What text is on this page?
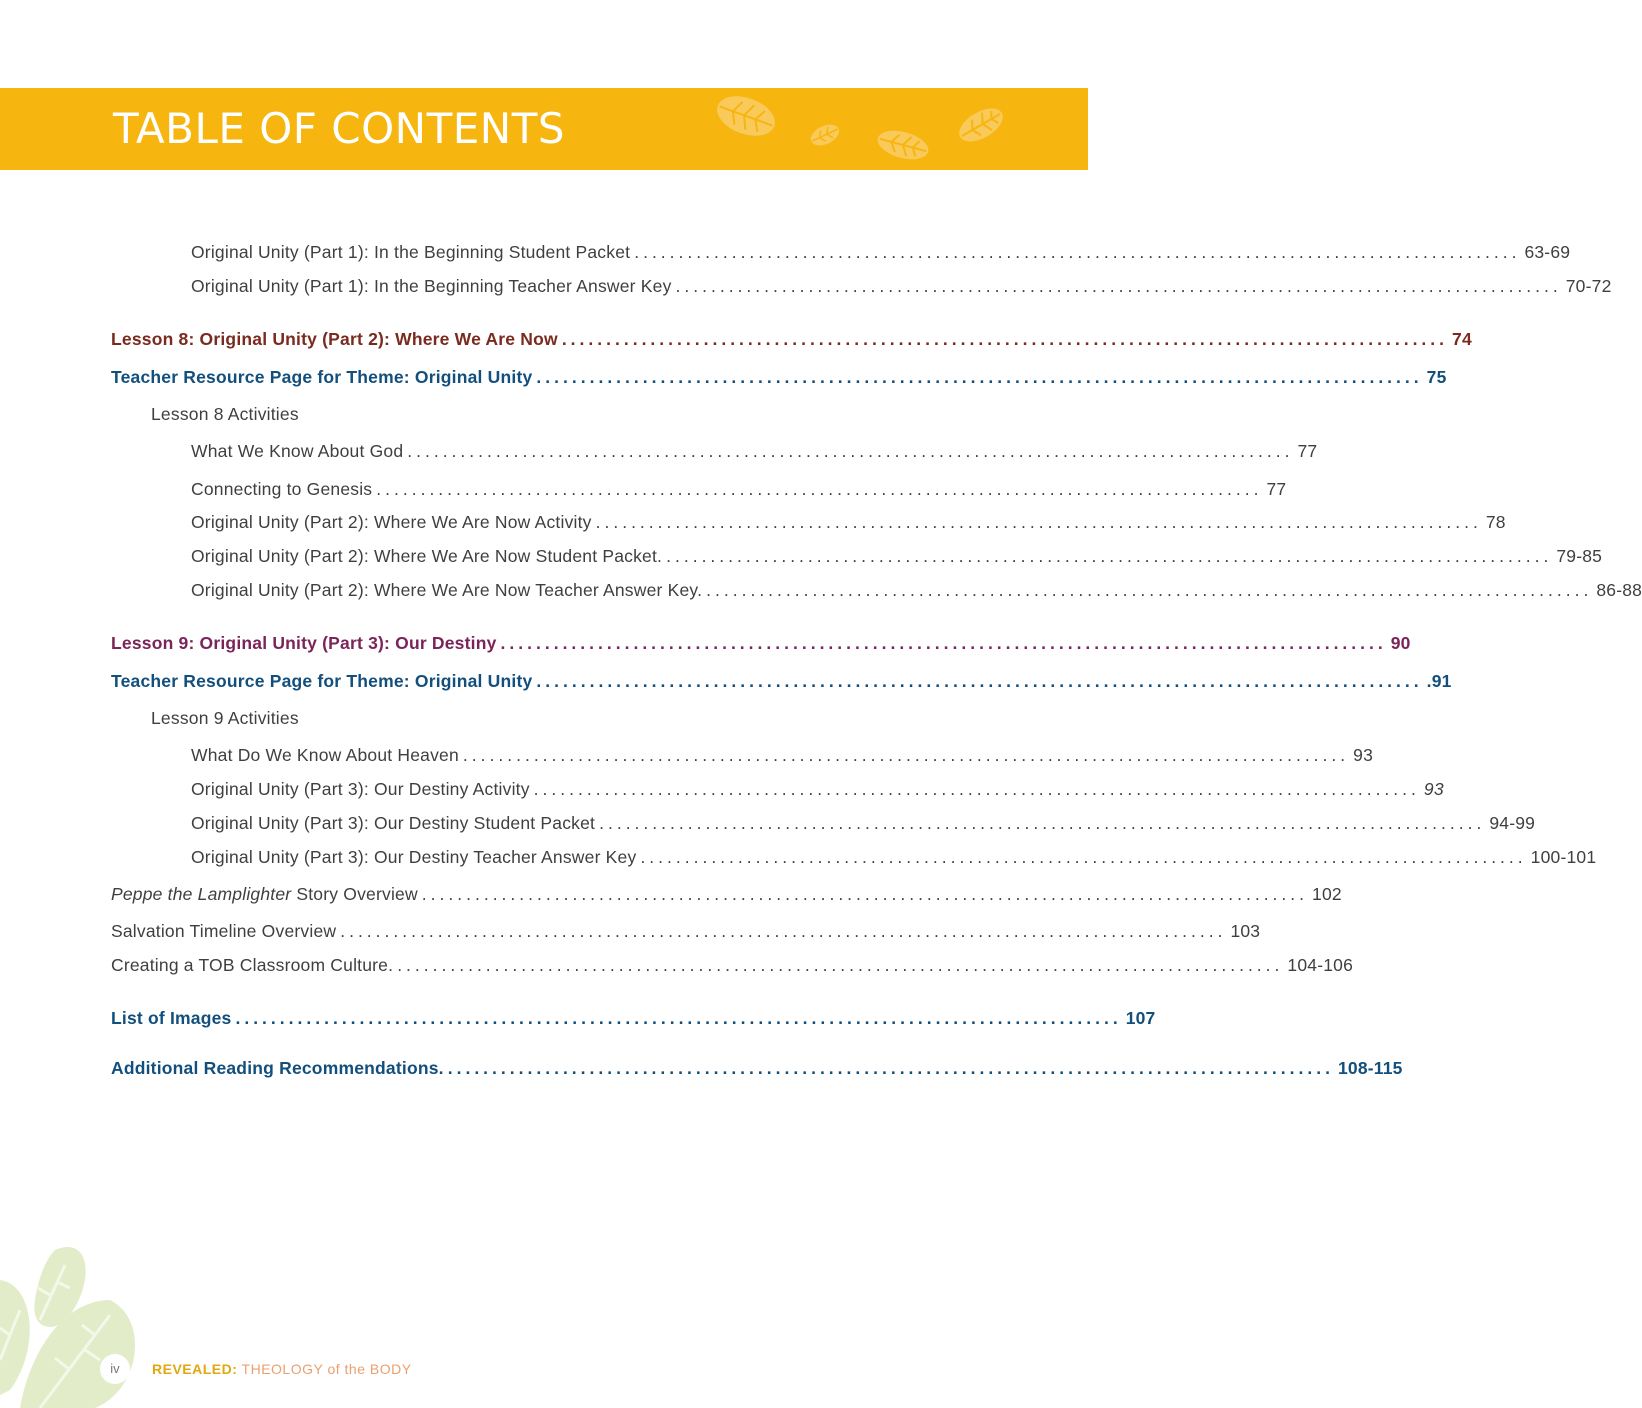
TABLE OF CONTENTS
Original Unity (Part 1): In the Beginning Student Packet .................................................................................................... 63-69
Original Unity (Part 1): In the Beginning Teacher Answer Key .................................................................................................... 70-72
Lesson 8: Original Unity (Part 2): Where We Are Now .................................................................................................... 74
Teacher Resource Page for Theme: Original Unity .................................................................................................... 75
Lesson 8 Activities
What We Know About God .................................................................................................... 77
Connecting to Genesis .................................................................................................... 77
Original Unity (Part 2): Where We Are Now Activity .................................................................................................... 78
Original Unity (Part 2): Where We Are Now Student Packet. .................................................................................................... 79-85
Original Unity (Part 2): Where We Are Now Teacher Answer Key. .................................................................................................... 86-88
Lesson 9: Original Unity (Part 3): Our Destiny .................................................................................................... 90
Teacher Resource Page for Theme: Original Unity .................................................................................................... .91
Lesson 9 Activities
What Do We Know About Heaven .................................................................................................... 93
Original Unity (Part 3): Our Destiny Activity .................................................................................................... 93
Original Unity (Part 3): Our Destiny Student Packet .................................................................................................... 94-99
Original Unity (Part 3): Our Destiny Teacher Answer Key .................................................................................................... 100-101
Peppe the Lamplighter Story Overview .................................................................................................... 102
Salvation Timeline Overview .................................................................................................... 103
Creating a TOB Classroom Culture. .................................................................................................... 104-106
List of Images .................................................................................................... 107
Additional Reading Recommendations. .................................................................................................... 108-115
iv	REVEALED: THEOLOGY of the BODY
